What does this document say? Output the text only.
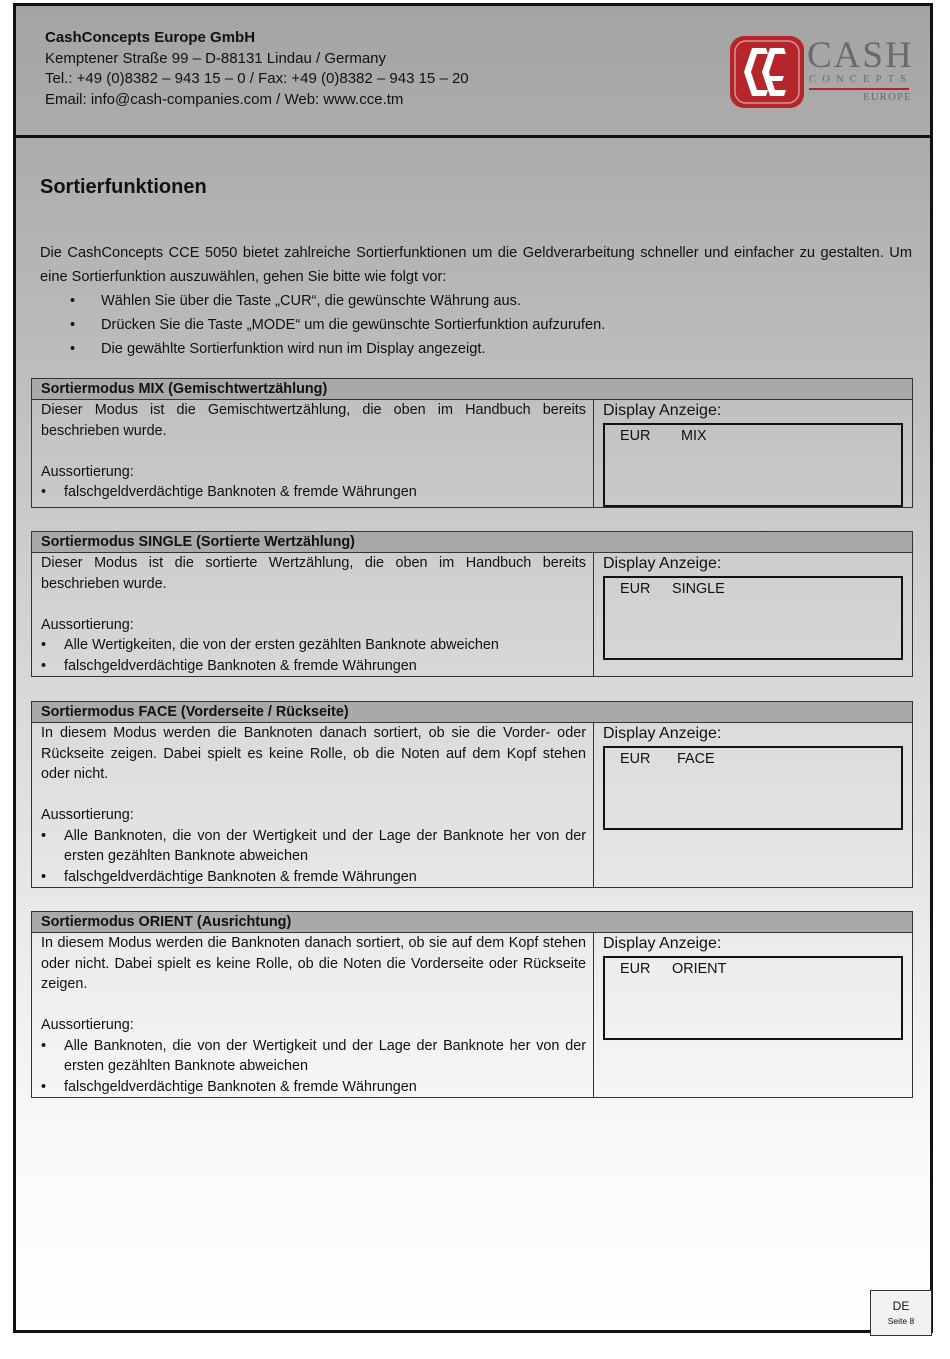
CashConcepts Europe GmbH
Kemptener Straße 99 – D-88131 Lindau / Germany
Tel.: +49 (0)8382 – 943 15 – 0 / Fax: +49 (0)8382 – 943 15 – 20
Email: info@cash-companies.com / Web: www.cce.tm
CASH
CONCEPTS
EUROPE
Sortierfunktionen

Die CashConcepts CCE 5050 bietet zahlreiche Sortierfunktionen um die Geldverarbeitung schneller und einfacher zu gestalten. Um eine Sortierfunktion auszuwählen, gehen Sie bitte wie folgt vor:

• Wählen Sie über die Taste „CUR“, die gewünschte Währung aus.
• Drücken Sie die Taste „MODE“ um die gewünschte Sortierfunktion aufzurufen.
• Die gewählte Sortierfunktion wird nun im Display angezeigt.
Sortiermodus MIX (Gemischtwertzählung)

Dieser Modus ist die Gemischtwertzählung, die oben im Handbuch bereits beschrieben wurde.

Aussortierung:

• falschgeldverdächtige Banknoten & fremde Währungen
Display Anzeige:
EUR MIX
Sortiermodus SINGLE (Sortierte Wertzählung)

Dieser Modus ist die sortierte Wertzählung, die oben im Handbuch bereits beschrieben wurde.

Aussortierung:

• Alle Wertigkeiten, die von der ersten gezählten Banknote abweichen
• falschgeldverdächtige Banknoten & fremde Währungen
Display Anzeige:
EUR SINGLE
Sortiermodus FACE (Vorderseite / Rückseite)

In diesem Modus werden die Banknoten danach sortiert, ob sie die Vorder- oder Rückseite zeigen. Dabei spielt es keine Rolle, ob die Noten auf dem Kopf stehen oder nicht.

Aussortierung:

• Alle Banknoten, die von der Wertigkeit und der Lage der Banknote her von der ersten gezählten Banknote abweichen
• falschgeldverdächtige Banknoten & fremde Währungen
Display Anzeige:
EUR FACE
Sortiermodus ORIENT (Ausrichtung)

In diesem Modus werden die Banknoten danach sortiert, ob sie auf dem Kopf stehen oder nicht. Dabei spielt es keine Rolle, ob die Noten die Vorderseite oder Rückseite zeigen.

Aussortierung:

• Alle Banknoten, die von der Wertigkeit und der Lage der Banknote her von der ersten gezählten Banknote abweichen
• falschgeldverdächtige Banknoten & fremde Währungen
Display Anzeige:
EUR ORIENT
DE
Seite 8
